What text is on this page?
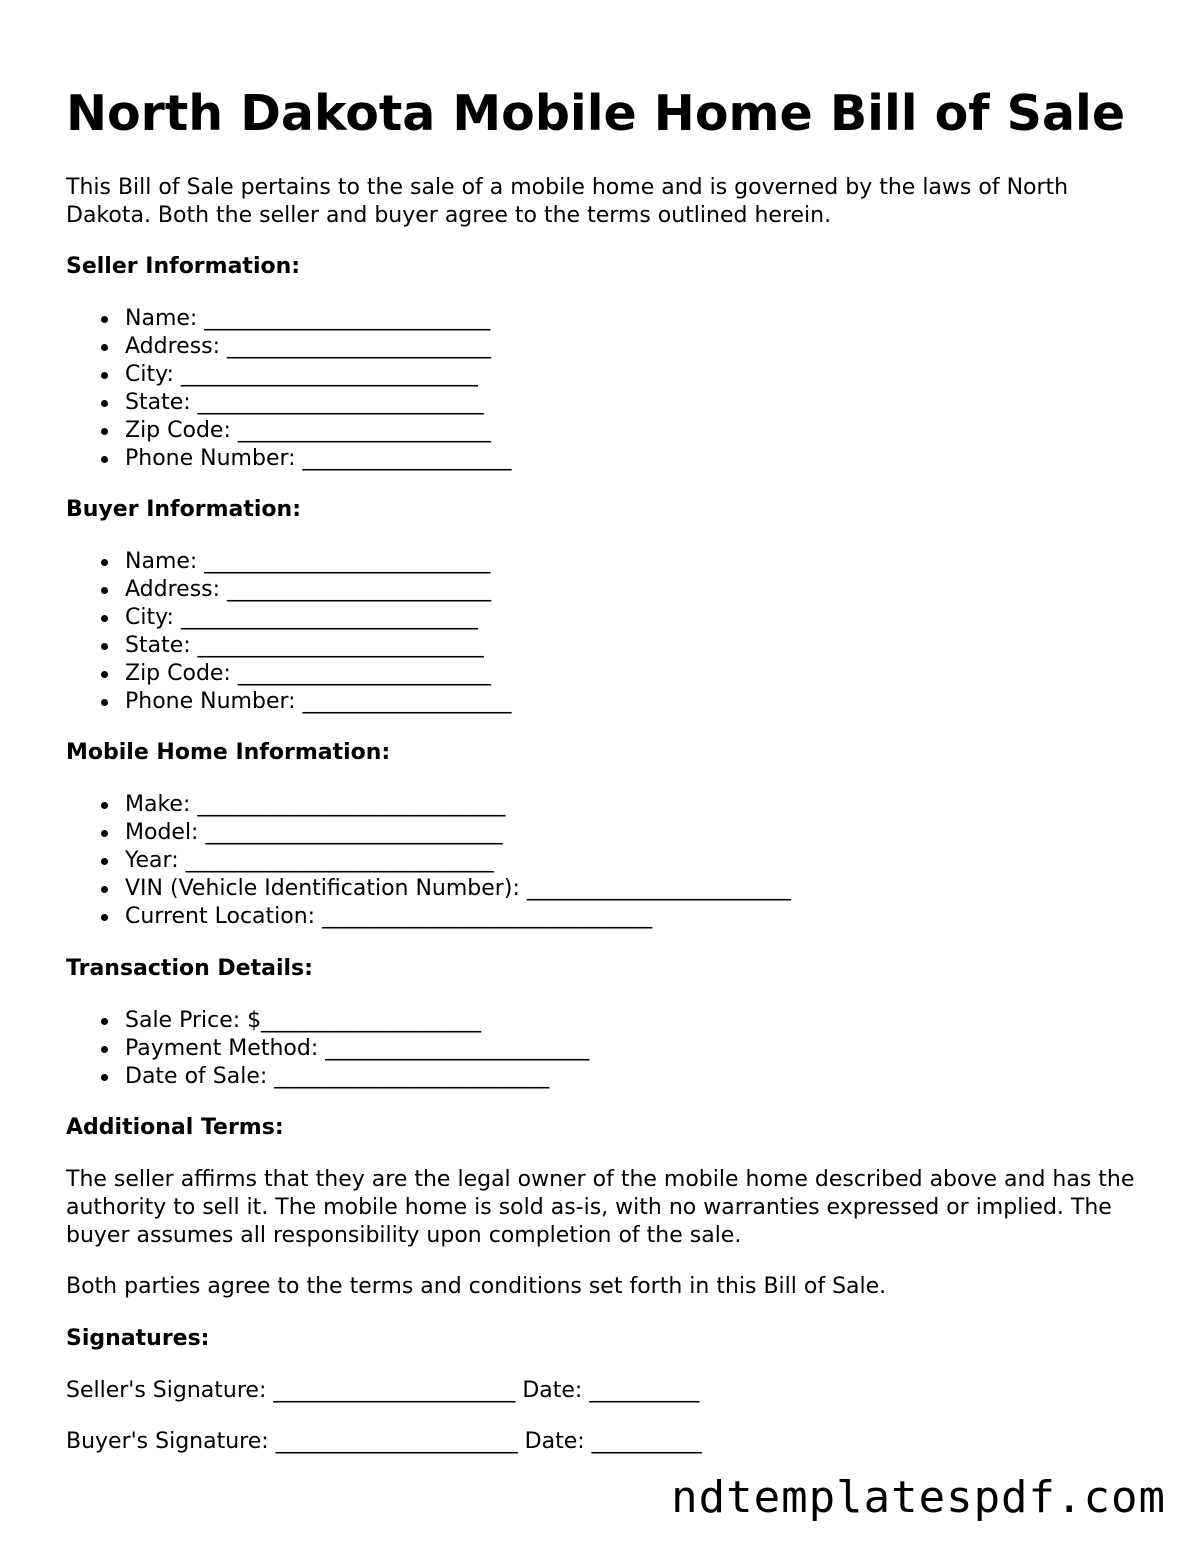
North Dakota Mobile Home Bill of Sale

This Bill of Sale pertains to the sale of a mobile home and is governed by the laws of North Dakota. Both the seller and buyer agree to the terms outlined herein.

Seller Information:

Name: __________________________
Address: ________________________
City: ___________________________
State: __________________________
Zip Code: _______________________
Phone Number: ___________________

Buyer Information:

Name: __________________________
Address: ________________________
City: ___________________________
State: __________________________
Zip Code: _______________________
Phone Number: ___________________

Mobile Home Information:

Make: ____________________________
Model: ___________________________
Year: ____________________________
VIN (Vehicle Identification Number): ________________________
Current Location: ______________________________

Transaction Details:

Sale Price: $____________________
Payment Method: ________________________
Date of Sale: _________________________

Additional Terms:

The seller affirms that they are the legal owner of the mobile home described above and has the authority to sell it. The mobile home is sold as-is, with no warranties expressed or implied. The buyer assumes all responsibility upon completion of the sale.

Both parties agree to the terms and conditions set forth in this Bill of Sale.

Signatures:

Seller's Signature: ______________________ Date: __________

Buyer's Signature: ______________________ Date: __________

ndtemplatespdf.com
